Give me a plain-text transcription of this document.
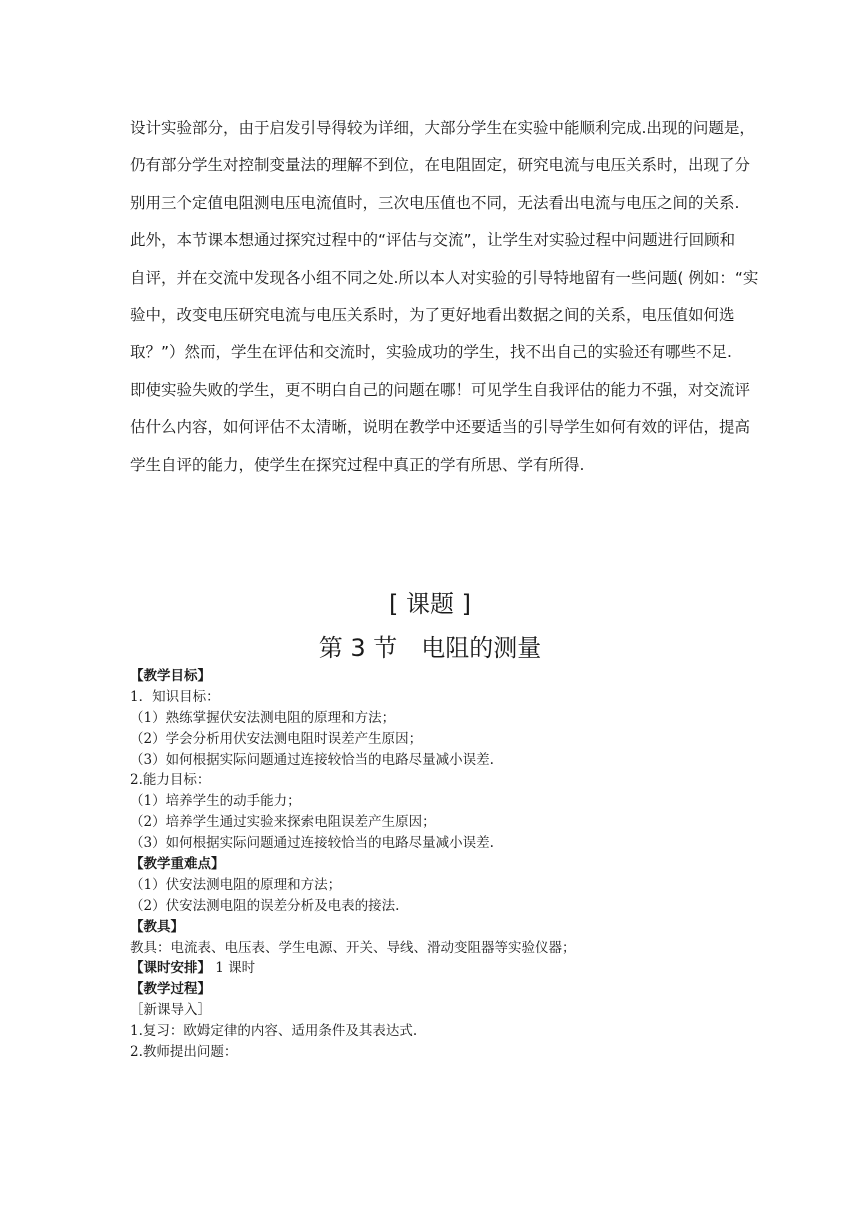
设计实验部分，由于启发引导得较为详细，大部分学生在实验中能顺利完成.出现的问题是，
仍有部分学生对控制变量法的理解不到位，在电阻固定，研究电流与电压关系时，出现了分
别用三个定值电阻测电压电流值时，三次电压值也不同，无法看出电流与电压之间的关系.
此外，本节课本想通过探究过程中的“评估与交流”，让学生对实验过程中问题进行回顾和
自评，并在交流中发现各小组不同之处.所以本人对实验的引导特地留有一些问题( 例如：“实
验中，改变电压研究电流与电压关系时，为了更好地看出数据之间的关系，电压值如何选
取？”）然而，学生在评估和交流时，实验成功的学生，找不出自己的实验还有哪些不足.
即使实验失败的学生，更不明白自己的问题在哪！可见学生自我评估的能力不强，对交流评
估什么内容，如何评估不太清晰，说明在教学中还要适当的引导学生如何有效的评估，提高
学生自评的能力，使学生在探究过程中真正的学有所思、学有所得.
[ 课题 ]
第 3 节　电阻的测量
【教学目标】
1．知识目标：
（1）熟练掌握伏安法测电阻的原理和方法；
（2）学会分析用伏安法测电阻时误差产生原因；
（3）如何根据实际问题通过连接较恰当的电路尽量减小误差.
2.能力目标：
（1）培养学生的动手能力；
（2）培养学生通过实验来探索电阻误差产生原因；
（3）如何根据实际问题通过连接较恰当的电路尽量减小误差.
【教学重难点】
（1）伏安法测电阻的原理和方法；
（2）伏安法测电阻的误差分析及电表的接法.
【教具】
教具：电流表、电压表、学生电源、开关、导线、滑动变阻器等实验仪器；
【课时安排】 1 课时
【教学过程】
［新课导入］
1.复习：欧姆定律的内容、适用条件及其表达式.
2.教师提出问题：
